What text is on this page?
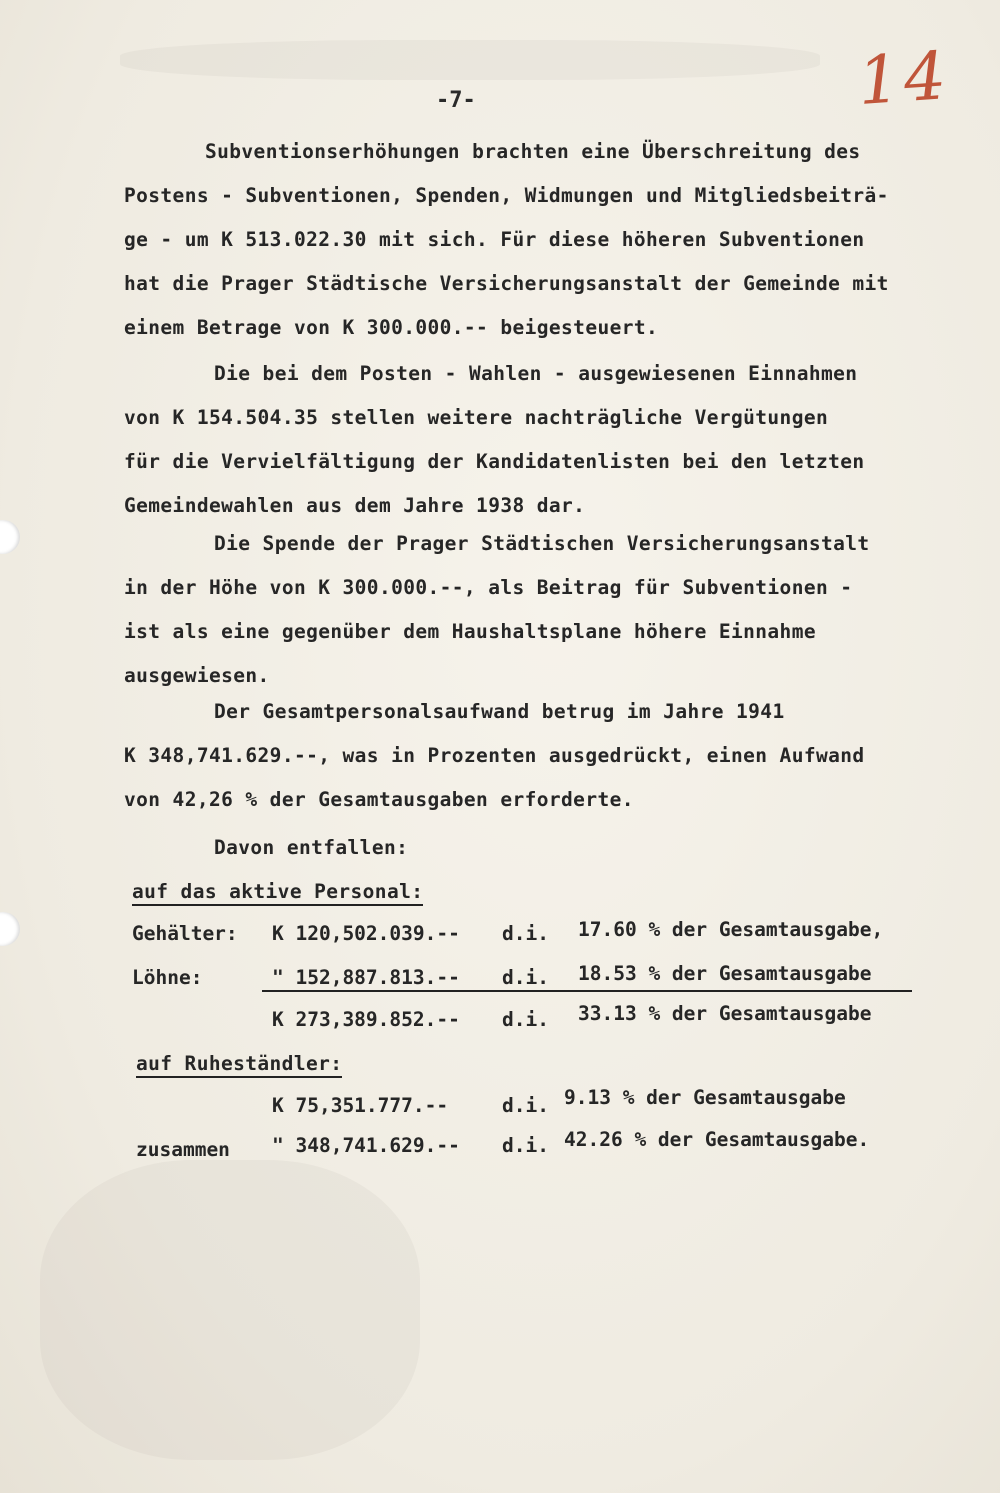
-7-	14
Subventionserhöhungen brachten eine Überschreitung des
Postens - Subventionen, Spenden, Widmungen und Mitgliedsbeiträ-
ge - um K 513.022.30 mit sich. Für diese höheren Subventionen
hat die Prager Städtische Versicherungsanstalt der Gemeinde mit
einem Betrage von K 300.000.-- beigesteuert.
Die bei dem Posten - Wahlen - ausgewiesenen Einnahmen
von K 154.504.35 stellen weitere nachträgliche Vergütungen
für die Vervielfältigung der Kandidatenlisten bei den letzten
Gemeindewahlen aus dem Jahre 1938 dar.
Die Spende der Prager Städtischen Versicherungsanstalt
in der Höhe von K 300.000.--, als Beitrag für Subventionen -
ist als eine gegenüber dem Haushaltsplane höhere Einnahme
ausgewiesen.
Der Gesamtpersonalsaufwand betrug im Jahre 1941
K 348,741.629.--, was in Prozenten ausgedrückt, einen Aufwand
von 42,26 % der Gesamtausgaben erforderte.
Davon entfallen:
auf das aktive Personal:
Gehälter: K 120,502.039.-- d.i. 17.60 % der Gesamtausgabe,
Löhne:	" 152,887.813.-- d.i. 18.53 % der Gesamtausgabe
K 273,389.852.-- d.i. 33.13 % der Gesamtausgabe
auf Ruheständler:
K 75,351.777.--	d.i. 9.13 % der Gesamtausgabe
zusammen " 348,741.629.-- d.i. 42.26 % der Gesamtausgabe.
